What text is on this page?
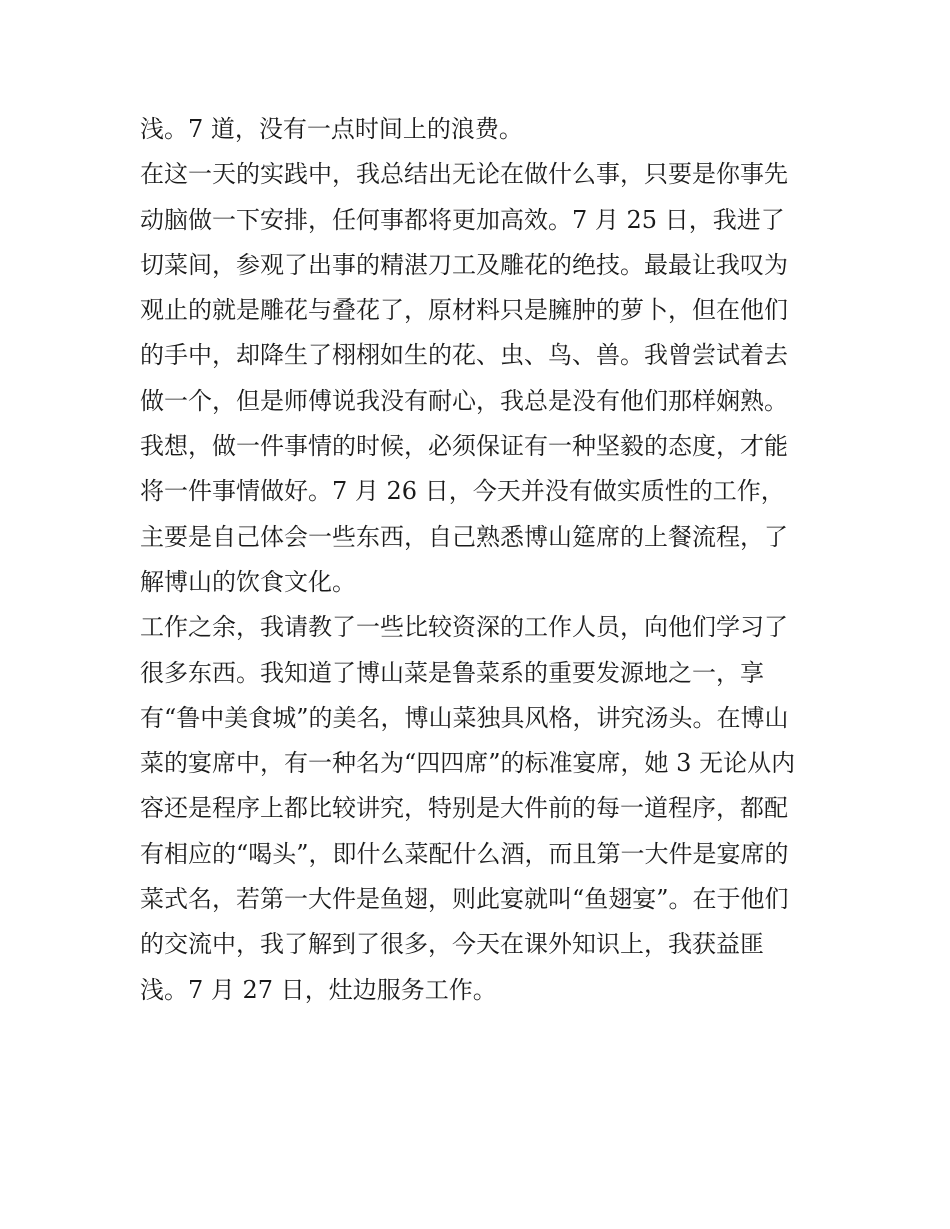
浅。7 道，没有一点时间上的浪费。
在这一天的实践中，我总结出无论在做什么事，只要是你事先
动脑做一下安排，任何事都将更加高效。7 月 25 日，我进了
切菜间，参观了出事的精湛刀工及雕花的绝技。最最让我叹为
观止的就是雕花与叠花了，原材料只是臃肿的萝卜，但在他们
的手中，却降生了栩栩如生的花、虫、鸟、兽。我曾尝试着去
做一个，但是师傅说我没有耐心，我总是没有他们那样娴熟。
我想，做一件事情的时候，必须保证有一种坚毅的态度，才能
将一件事情做好。7 月 26 日，今天并没有做实质性的工作，
主要是自己体会一些东西，自己熟悉博山筵席的上餐流程，了
解博山的饮食文化。
工作之余，我请教了一些比较资深的工作人员，向他们学习了
很多东西。我知道了博山菜是鲁菜系的重要发源地之一，享
有“鲁中美食城”的美名，博山菜独具风格，讲究汤头。在博山
菜的宴席中，有一种名为“四四席”的标准宴席，她 3 无论从内
容还是程序上都比较讲究，特别是大件前的每一道程序，都配
有相应的“喝头”，即什么菜配什么酒，而且第一大件是宴席的
菜式名，若第一大件是鱼翅，则此宴就叫“鱼翅宴”。在于他们
的交流中，我了解到了很多，今天在课外知识上，我获益匪
浅。7 月 27 日，灶边服务工作。
